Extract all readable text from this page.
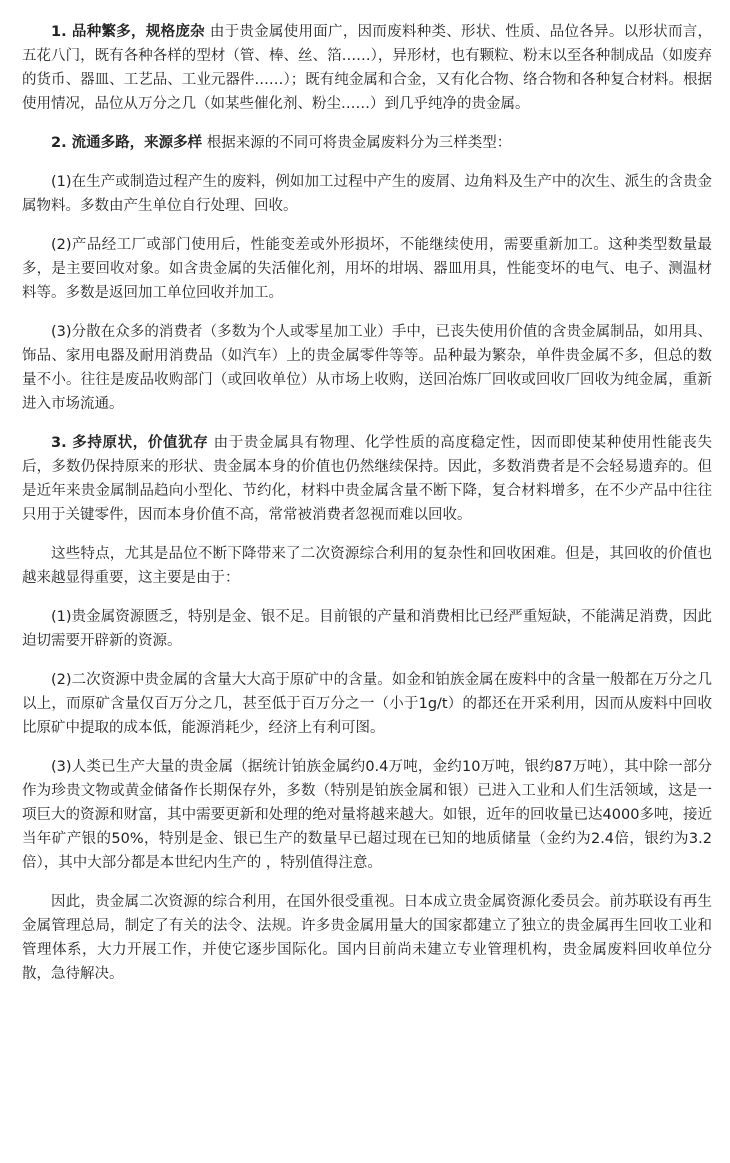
1. 品种繁多，规格庞杂 由于贵金属使用面广，因而废料种类、形状、性质、品位各异。以形状而言，五花八门，既有各种各样的型材（管、棒、丝、箔……），异形材，也有颗粒、粉末以至各种制成品（如废弃的货币、器皿、工艺品、工业元器件……）；既有纯金属和合金，又有化合物、络合物和各种复合材料。根据使用情况，品位从万分之几（如某些催化剂、粉尘……）到几乎纯净的贵金属。

2. 流通多路，来源多样 根据来源的不同可将贵金属废料分为三样类型：

(1)在生产或制造过程产生的废料，例如加工过程中产生的废屑、边角料及生产中的次生、派生的含贵金属物料。多数由产生单位自行处理、回收。

(2)产品经工厂或部门使用后，性能变差或外形损坏，不能继续使用，需要重新加工。这种类型数量最多，是主要回收对象。如含贵金属的失活催化剂，用坏的坩埚、器皿用具，性能变坏的电气、电子、测温材料等。多数是返回加工单位回收并加工。

(3)分散在众多的消费者（多数为个人或零星加工业）手中，已丧失使用价值的含贵金属制品，如用具、饰品、家用电器及耐用消费品（如汽车）上的贵金属零件等等。品种最为繁杂，单件贵金属不多，但总的数量不小。往往是废品收购部门（或回收单位）从市场上收购，送回冶炼厂回收或回收厂回收为纯金属，重新进入市场流通。

3. 多持原状，价值犹存 由于贵金属具有物理、化学性质的高度稳定性，因而即使某种使用性能丧失后，多数仍保持原来的形状、贵金属本身的价值也仍然继续保持。因此，多数消费者是不会轻易遗弃的。但是近年来贵金属制品趋向小型化、节约化，材料中贵金属含量不断下降，复合材料增多，在不少产品中往往只用于关键零件，因而本身价值不高，常常被消费者忽视而难以回收。

这些特点，尤其是品位不断下降带来了二次资源综合利用的复杂性和回收困难。但是，其回收的价值也越来越显得重要，这主要是由于：

(1)贵金属资源匮乏，特别是金、银不足。目前银的产量和消费相比已经严重短缺，不能满足消费，因此迫切需要开辟新的资源。

(2)二次资源中贵金属的含量大大高于原矿中的含量。如金和铂族金属在废料中的含量一般都在万分之几以上，而原矿含量仅百万分之几，甚至低于百万分之一（小于1g/t）的都还在开采利用，因而从废料中回收比原矿中提取的成本低，能源消耗少，经济上有利可图。

(3)人类已生产大量的贵金属（据统计铂族金属约0.4万吨，金约10万吨，银约87万吨），其中除一部分作为珍贵文物或黄金储备作长期保存外，多数（特别是铂族金属和银）已进入工业和人们生活领域，这是一项巨大的资源和财富，其中需要更新和处理的绝对量将越来越大。如银，近年的回收量已达4000多吨，接近当年矿产银的50%，特别是金、银已生产的数量早已超过现在已知的地质储量（金约为2.4倍，银约为3.2倍），其中大部分都是本世纪内生产的 ，特别值得注意。

因此，贵金属二次资源的综合利用，在国外很受重视。日本成立贵金属资源化委员会。前苏联设有再生金属管理总局，制定了有关的法令、法规。许多贵金属用量大的国家都建立了独立的贵金属再生回收工业和管理体系，大力开展工作，并使它逐步国际化。国内目前尚未建立专业管理机构，贵金属废料回收单位分散，急待解决。
